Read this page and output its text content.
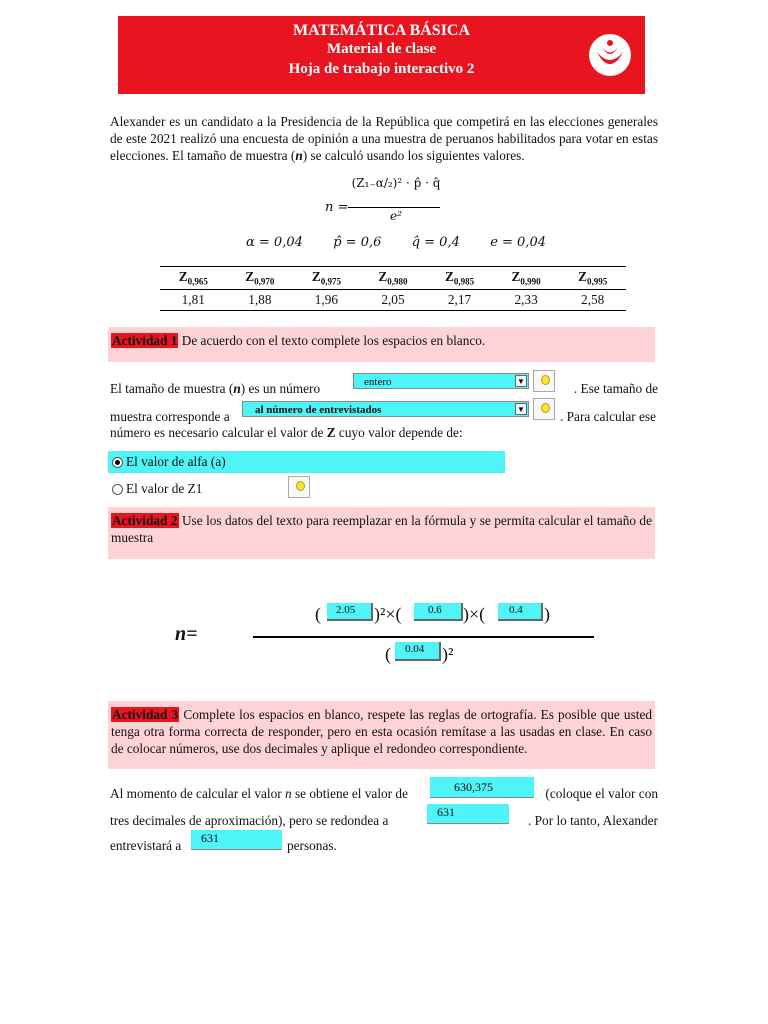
MATEMÁTICA BÁSICA
Material de clase
Hoja de trabajo interactivo 2
Alexander es un candidato a la Presidencia de la República que competirá en las elecciones generales de este 2021 realizó una encuesta de opinión a una muestra de peruanos habilitados para votar en estas elecciones. El tamaño de muestra (n) se calculó usando los siguientes valores.
n =
(Z₁₋α/₂)² · p̂ · q̂
e²
α = 0,04 p̂ = 0,6 q̂ = 0,4 e = 0,04
$Z_{0,965}$	$Z_{0,970}$	$Z_{0,975}$	$Z_{0,980}$	$Z_{0,985}$	$Z_{0,990}$	$Z_{0,995}$
1,81	1,88	1,96	2,05	2,17	2,33	2,58
Actividad 1 De acuerdo con el texto complete los espacios en blanco.
El tamaño de muestra (n) es un número	entero	▼	. Ese tamaño de
muestra corresponde a	al número de entrevistados	▼	. Para calcular ese
número es necesario calcular el valor de Z cuyo valor depende de:
El valor de alfa (a)
El valor de Z1
Actividad 2 Use los datos del texto para reemplazar en la fórmula y se permita calcular el tamaño de muestra
n=
(	2.05	)²×(	0.6	)×(	0.4	)
(	0.04 )²
Actividad 3 Complete los espacios en blanco, respete las reglas de ortografía. Es posible que usted tenga otra forma correcta de responder, pero en esta ocasión remítase a las usadas en clase. En caso de colocar números, use dos decimales y aplique el redondeo correspondiente.
Al momento de calcular el valor n se obtiene el valor de	630,375	(coloque el valor con
tres decimales de aproximación), pero se redondea a
631
. Por lo tanto, Alexander
entrevistará a	631	personas.
